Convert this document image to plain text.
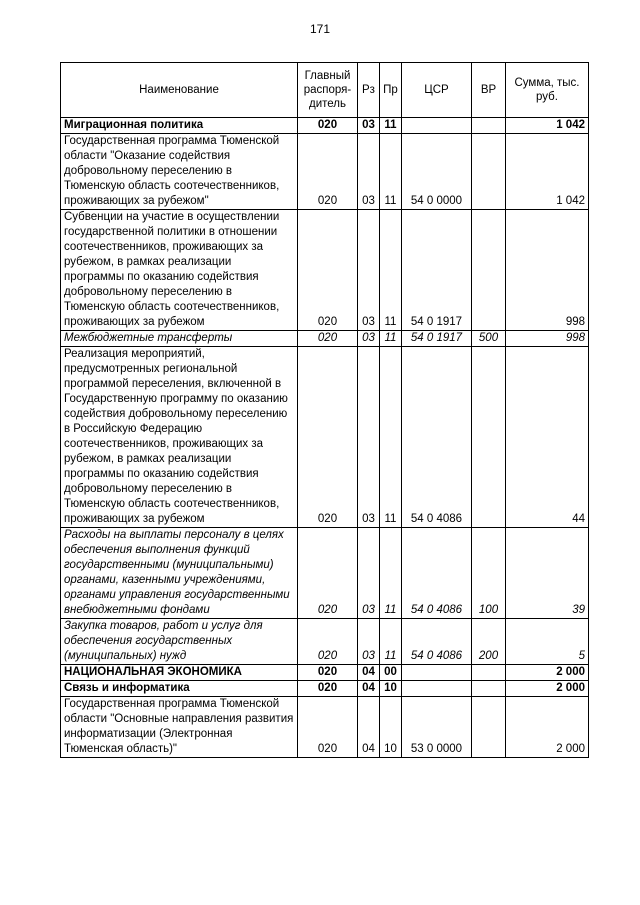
171
Наименование	Главный распоря-дитель	Рз	Пр	ЦСР	ВР	Сумма, тыс. руб.
Миграционная политика	020	03	11			1 042
Государственная программа Тюменской области "Оказание содействия добровольному переселению в Тюменскую область соотечественников, проживающих за рубежом"	020	03	11	54 0 0000		1 042
Субвенции на участие в осуществлении государственной политики в отношении соотечественников, проживающих за рубежом, в рамках реализации программы по оказанию содействия добровольному переселению в Тюменскую область соотечественников, проживающих за рубежом	020	03	11	54 0 1917		998
Межбюджетные трансферты	020	03	11	54 0 1917	500	998
Реализация мероприятий, предусмотренных региональной программой переселения, включенной в Государственную программу по оказанию содействия добровольному переселению в Российскую Федерацию соотечественников, проживающих за рубежом, в рамках реализации программы по оказанию содействия добровольному переселению в Тюменскую область соотечественников, проживающих за рубежом	020	03	11	54 0 4086		44
Расходы на выплаты персоналу в целях обеспечения выполнения функций государственными (муниципальными) органами, казенными учреждениями, органами управления государственными внебюджетными фондами	020	03	11	54 0 4086	100	39
Закупка товаров, работ и услуг для обеспечения государственных (муниципальных) нужд	020	03	11	54 0 4086	200	5
НАЦИОНАЛЬНАЯ ЭКОНОМИКА	020	04	00			2 000
Связь и информатика	020	04	10			2 000
Государственная программа Тюменской области "Основные направления развития информатизации (Электронная Тюменская область)"	020	04	10	53 0 0000		2 000
